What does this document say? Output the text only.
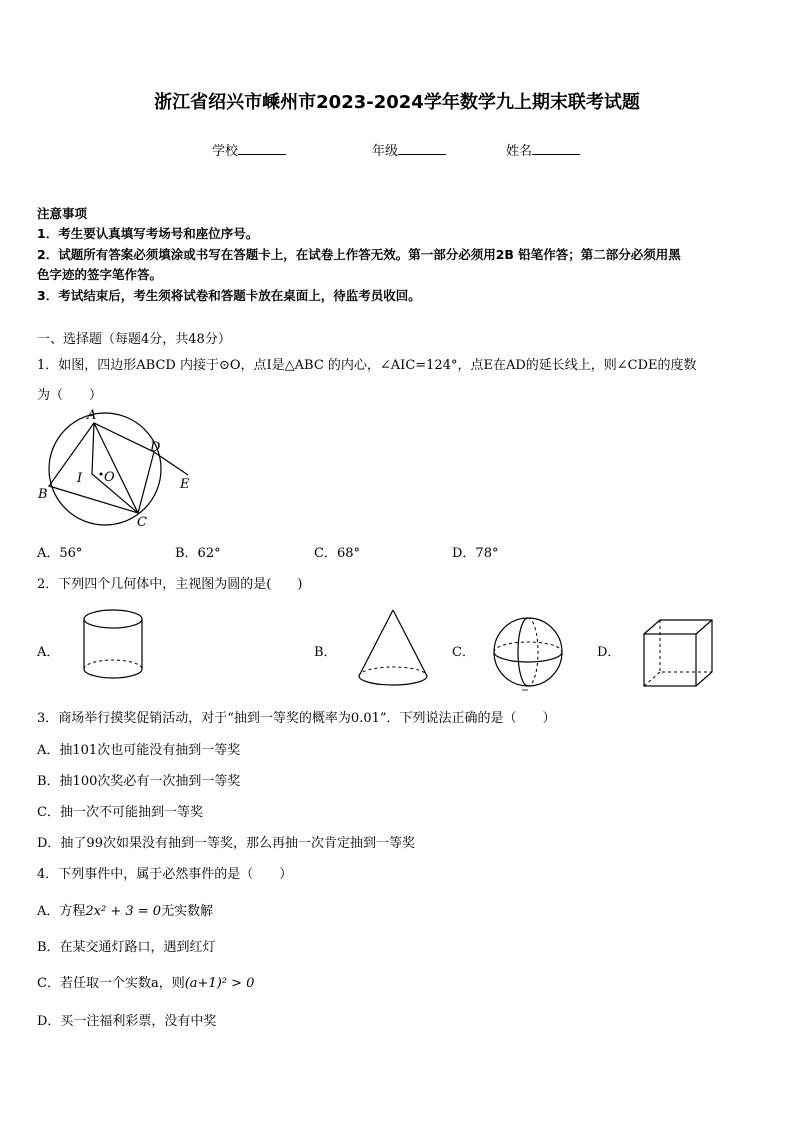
浙江省绍兴市嵊州市2023-2024学年数学九上期末联考试题
学校	年级	姓名
注意事项
1．考生要认真填写考场号和座位序号。
2．试题所有答案必须填涂或书写在答题卡上，在试卷上作答无效。第一部分必须用2B 铅笔作答；第二部分必须用黑
色字迹的签字笔作答。
3．考试结束后，考生须将试卷和答题卡放在桌面上，待监考员收回。
一、选择题（每题4分，共48分）
1．如图，四边形ABCD 内接于⊙O，点I是△ABC 的内心，∠AIC=124°，点E在AD的延长线上，则∠CDE的度数
为（　　）
A
B
C
D
E
I O
A．56°	B．62°	C．68°	D．78°
2．下列四个几何体中，主视图为圆的是(　　)
A．	B．	C．	D．
3．商场举行摸奖促销活动，对于“抽到一等奖的概率为0.01”．下列说法正确的是（　　）
A．抽101次也可能没有抽到一等奖
B．抽100次奖必有一次抽到一等奖
C．抽一次不可能抽到一等奖
D．抽了99次如果没有抽到一等奖，那么再抽一次肯定抽到一等奖
4．下列事件中，属于必然事件的是（　　）
A．方程2x² + 3 = 0无实数解
B．在某交通灯路口，遇到红灯
C．若任取一个实数a，则(a+1)² > 0
D．买一注福利彩票，没有中奖
